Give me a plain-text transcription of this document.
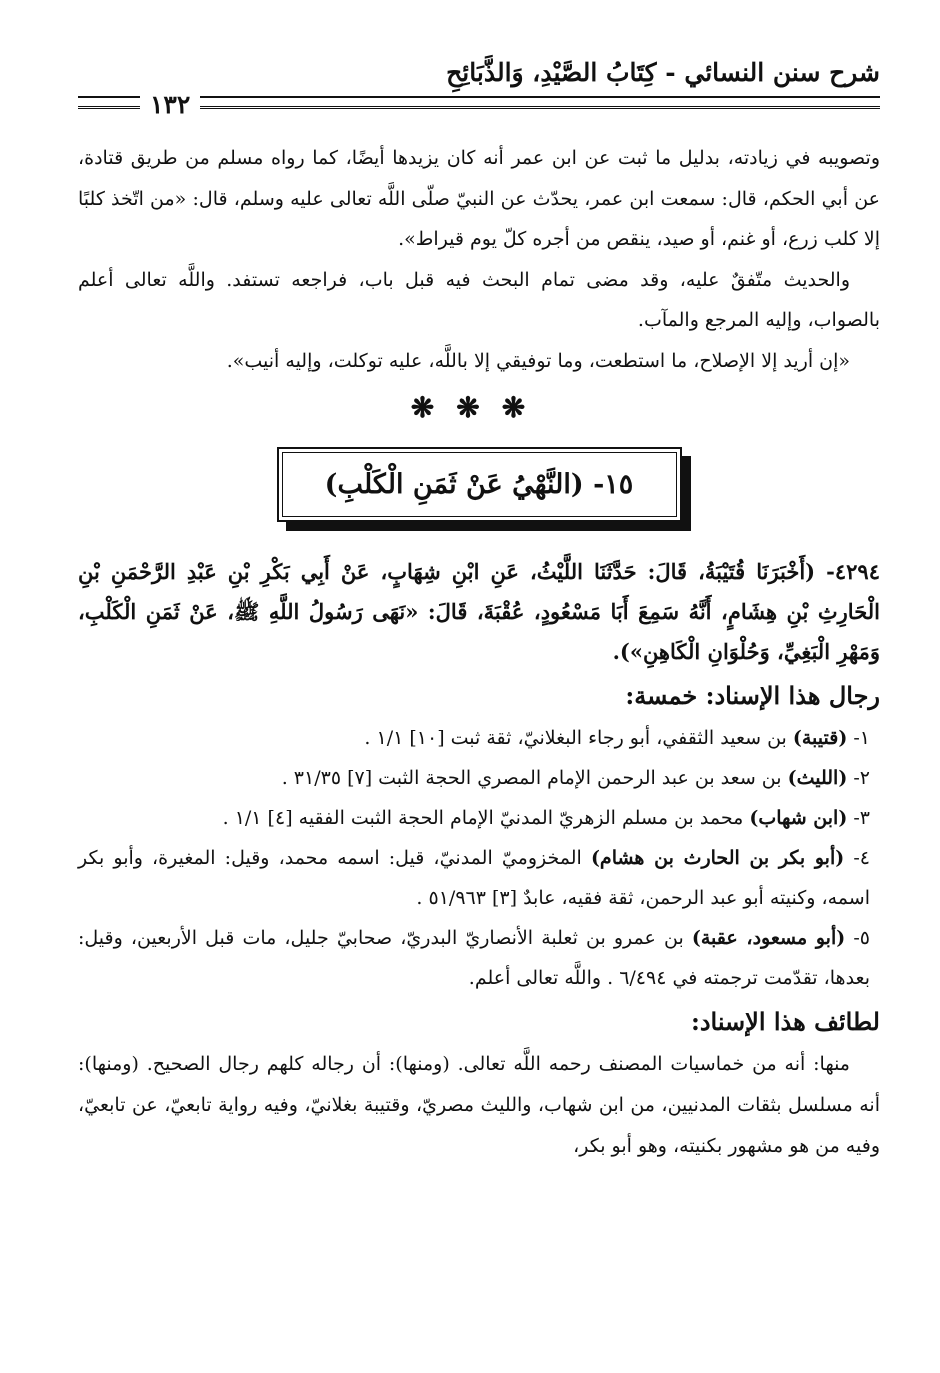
شرح سنن النسائي - كِتَابُ الصَّيْدِ، وَالذَّبَائِحِ
١٣٢

وتصويبه في زيادته، بدليل ما ثبت عن ابن عمر أنه كان يزيدها أيضًا، كما رواه مسلم من طريق قتادة، عن أبي الحكم، قال: سمعت ابن عمر، يحدّث عن النبيّ صلّى اللَّه تعالى عليه وسلم، قال: «من اتّخذ كلبًا إلا كلب زرع، أو غنم، أو صيد، ينقص من أجره كلّ يوم قيراط».

والحديث متّفقٌ عليه، وقد مضى تمام البحث فيه قبل باب، فراجعه تستفد. واللَّه تعالى أعلم بالصواب، وإليه المرجع والمآب.

«إن أريد إلا الإصلاح، ما استطعت، وما توفيقي إلا باللَّه، عليه توكلت، وإليه أنيب».

❋❋❋
١٥- (النَّهْيُ عَنْ ثَمَنِ الْكَلْبِ)

٤٢٩٤- (أَخْبَرَنَا قُتَيْبَةُ، قَالَ: حَدَّثَنَا اللَّيْثُ، عَنِ ابْنِ شِهَابٍ، عَنْ أَبِي بَكْرِ بْنِ عَبْدِ الرَّحْمَنِ بْنِ الْحَارِثِ بْنِ هِشَامٍ، أَنَّهُ سَمِعَ أَبَا مَسْعُودٍ، عُقْبَةَ، قَالَ: «نَهَى رَسُولُ اللَّهِ ﷺ، عَنْ ثَمَنِ الْكَلْبِ، وَمَهْرِ الْبَغِيِّ، وَحُلْوَانِ الْكَاهِنِ»).

رجال هذا الإسناد: خمسة:
١- (قتيبة) بن سعيد الثقفي، أبو رجاء البغلانيّ، ثقة ثبت [١٠] ١/١ .
٢- (الليث) بن سعد بن عبد الرحمن الإمام المصري الحجة الثبت [٧] ٣١/٣٥ .
٣- (ابن شهاب) محمد بن مسلم الزهريّ المدنيّ الإمام الحجة الثبت الفقيه [٤] ١/١ .
٤- (أبو بكر بن الحارث بن هشام) المخزوميّ المدنيّ، قيل: اسمه محمد، وقيل: المغيرة، وأبو بكر اسمه، وكنيته أبو عبد الرحمن، ثقة فقيه، عابدٌ [٣] ٥١/٩٦٣ .
٥- (أبو مسعود، عقبة) بن عمرو بن ثعلبة الأنصاريّ البدريّ، صحابيّ جليل، مات قبل الأربعين، وقيل: بعدها، تقدّمت ترجمته في ٦/٤٩٤ . واللَّه تعالى أعلم.
لطائف هذا الإسناد:

منها: أنه من خماسيات المصنف رحمه اللَّه تعالى. (ومنها): أن رجاله كلهم رجال الصحيح. (ومنها): أنه مسلسل بثقات المدنيين، من ابن شهاب، والليث مصريّ، وقتيبة بغلانيّ، وفيه رواية تابعيّ، عن تابعيّ، وفيه من هو مشهور بكنيته، وهو أبو بكر،
